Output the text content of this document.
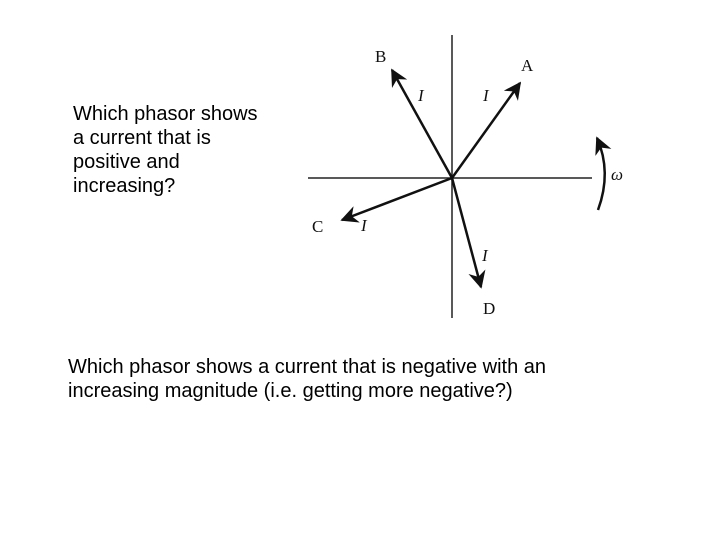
Which phasor shows
a current that is
positive and
increasing?
A
B
C
D
I	I
I
I
ω
Which phasor shows a current that is negative with an
increasing magnitude (i.e. getting more negative?)
